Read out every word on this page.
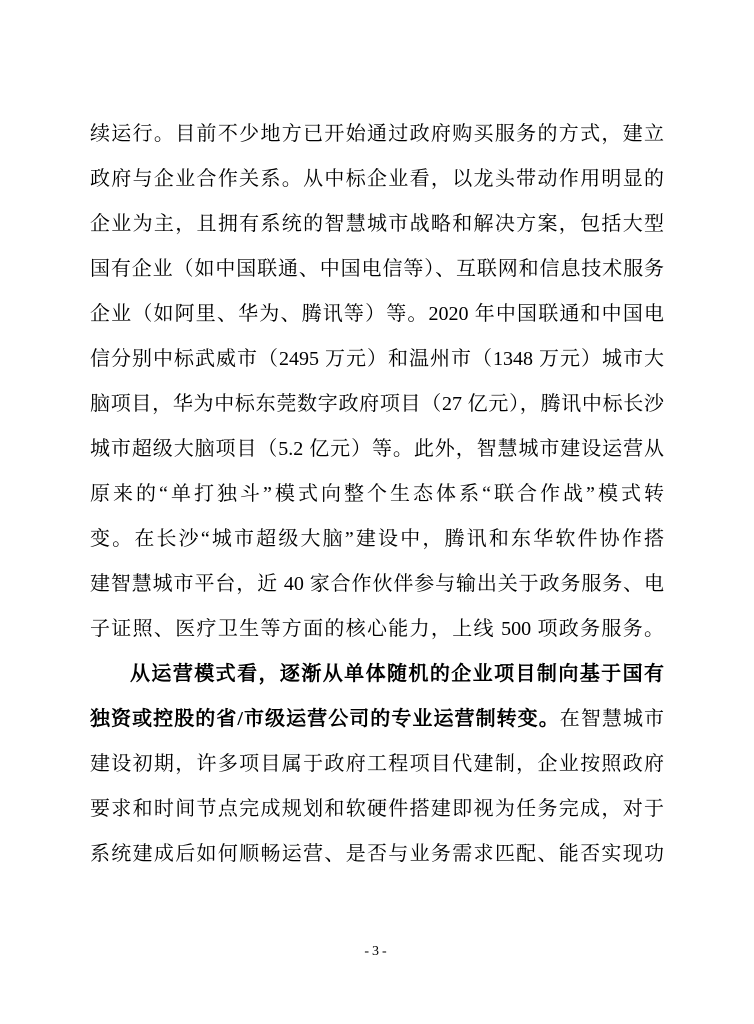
续运行。目前不少地方已开始通过政府购买服务的方式，建立
政府与企业合作关系。从中标企业看，以龙头带动作用明显的
企业为主，且拥有系统的智慧城市战略和解决方案，包括大型
国有企业（如中国联通、中国电信等）、互联网和信息技术服务
企业（如阿里、华为、腾讯等）等。2020 年中国联通和中国电
信分别中标武威市（2495 万元）和温州市（1348 万元）城市大
脑项目，华为中标东莞数字政府项目（27 亿元），腾讯中标长沙
城市超级大脑项目（5.2 亿元）等。此外，智慧城市建设运营从
原来的“单打独斗”模式向整个生态体系“联合作战”模式转
变。在长沙“城市超级大脑”建设中，腾讯和东华软件协作搭
建智慧城市平台，近 40 家合作伙伴参与输出关于政务服务、电
子证照、医疗卫生等方面的核心能力，上线 500 项政务服务。
从运营模式看，逐渐从单体随机的企业项目制向基于国有
独资或控股的省/市级运营公司的专业运营制转变。在智慧城市
建设初期，许多项目属于政府工程项目代建制，企业按照政府
要求和时间节点完成规划和软硬件搭建即视为任务完成，对于
系统建成后如何顺畅运营、是否与业务需求匹配、能否实现功
-3-
